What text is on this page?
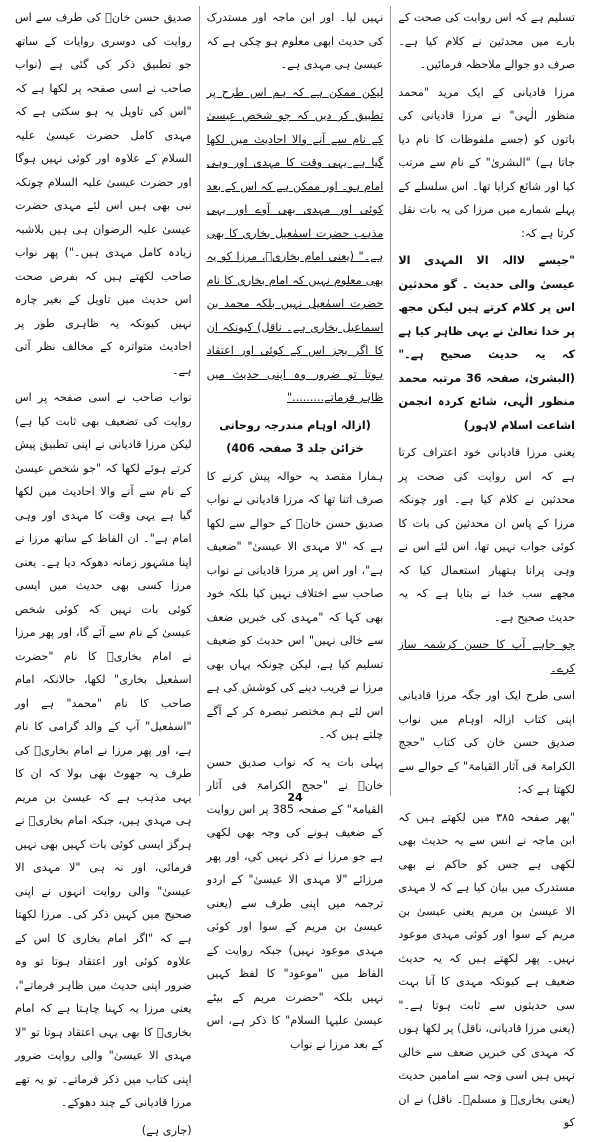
صدیق حسن خانؒ کی طرف سے اس روایت کی دوسری روایات کے ساتھ جو تطبیق ذکر کی گئی ہے (نواب صاحب نے اسی صفحہ پر لکھا ہے کہ "اس کی تاویل یہ ہو سکتی ہے کہ مہدی کامل حضرت عیسیٰ علیہ السلام کے علاوہ اور کوئی نہیں ہوگا اور حضرت عیسیٰ علیہ السلام چونکہ نبی بھی ہیں اس لئے مہدی حضرت عیسیٰ علیہ الرضوان ہی ہیں بلاشبہ زیادہ کامل مہدی ہیں۔") پھر نواب صاحب لکھتے ہیں کہ بفرض صحت اس حدیث میں تاویل کے بغیر چارہ نہیں کیونکہ یہ ظاہری طور پر احادیث متواترہ کے مخالف نظر آتی ہے۔

نواب صاحب نے اسی صفحہ پر اس روایت کی تضعیف بھی ثابت کیا ہے) لیکن مرزا قادیانی نے اپنی تطبیق پیش کرتے ہوئے لکھا کہ "جو شخص عیسیٰ کے نام سے آنے والا احادیث میں لکھا گیا ہے یہی وقت کا مہدی اور وہی امام ہے"۔ ان الفاظ کے ساتھ مرزا نے اپنا مشہور زمانہ دھوکہ دیا ہے۔ یعنی مرزا کسی بھی حدیث میں ایسی کوئی بات نہیں کہ کوئی شخص عیسیٰ کے نام سے آئے گا، اور پھر مرزا نے امام بخاریؒ کا نام "حضرت اسمٰعیل بخاری" لکھا، حالانکہ امام صاحب کا نام "محمد" ہے اور "اسمٰعیل" آپ کے والد گرامی کا نام ہے، اور پھر مرزا نے امام بخاریؒ کی طرف یہ جھوٹ بھی بولا کہ ان کا یہی مذہب ہے کہ عیسیٰ بن مریم ہی مہدی ہیں، جبکہ امام بخاریؒ نے ہرگز ایسی کوئی بات کہیں بھی نہیں فرمائی، اور نہ ہی "لا مہدی الا عیسیٰ" والی روایت انہوں نے اپنی صحیح میں کہیں ذکر کی۔ مرزا لکھتا ہے کہ "اگر امام بخاری کا اس کے علاوہ کوئی اور اعتقاد ہوتا تو وہ ضرور اپنی حدیث میں ظاہر فرماتے"، یعنی مرزا یہ کہنا چاہتا ہے کہ امام بخاریؒ کا بھی یہی اعتقاد ہوتا تو "لا مہدی الا عیسیٰ" والی روایت ضرور اپنی کتاب میں ذکر فرماتے۔ تو یہ تھے مرزا قادیانی کے چند دھوکے۔

(جاری ہے)

نہیں لیا۔ اور ابن ماجہ اور مستدرک کی حدیث ابھی معلوم ہو چکی ہے کہ عیسیٰ ہی مہدی ہے۔

لیکن ممکن ہے کہ ہم اس طرح پر تطبیق کر دیں کہ جو شخص عیسیٰ کے نام سے آنے والا احادیث میں لکھا گیا ہے یہی وقت کا مہدی اور وہی امام ہو۔ اور ممکن ہے کہ اس کے بعد کوئی اور مہدی بھی آوے اور یہی مذہب حضرت اسمٰعیل بخاری کا بھی ہے۔" (یعنی امام بخاریؒ، مرزا کو یہ بھی معلوم نہیں کہ امام بخاری کا نام حضرت اسمٰعیل نہیں بلکہ محمد بن اسماعیل بخاری ہے۔ ناقل) کیونکہ ان کا اگر بجز اس کے کوئی اور اعتقاد ہوتا تو ضرور وہ اپنی حدیث میں ظاہر فرماتے........."

(ازالہ اوہام مندرجہ روحانی خزائن جلد 3 صفحہ 406)

ہمارا مقصد یہ حوالہ پیش کرنے کا صرف اتنا تھا کہ مرزا قادیانی نے نواب صدیق حسن خانؒ کے حوالے سے لکھا ہے کہ "لا مہدی الا عیسیٰ" "ضعیف ہے"، اور اس پر مرزا قادیانی نے نواب صاحب سے اختلاف نہیں کیا بلکہ خود بھی کہا کہ "مہدی کی خبریں ضعف سے خالی نہیں" اس حدیث کو ضعیف تسلیم کیا ہے، لیکن چونکہ یہاں بھی مرزا نے فریب دینے کی کوشش کی ہے اس لئے ہم مختصر تبصرہ کر کے آگے چلتے ہیں کہ۔

پہلی بات یہ کہ نواب صدیق حسن خانؒ نے "حجج الکرامۃ فی آثار القیامۃ" کے صفحہ 385 پر اس روایت کے ضعیف ہونے کی وجہ بھی لکھی ہے جو مرزا نے ذکر نہیں کی، اور پھر مرزائے "لا مہدی الا عیسیٰ" کے اردو ترجمہ میں اپنی طرف سے (یعنی عیسیٰ بن مریم کے سوا اور کوئی مہدی موعود نہیں) جبکہ روایت کے الفاظ میں "موعود" کا لفظ کہیں نہیں بلکہ "حضرت مریم کے بیٹے عیسیٰ علیہا السلام" کا ذکر ہے، اس کے بعد مرزا نے نواب

تسلیم ہے کہ اس روایت کی صحت کے بارے میں محدثین نے کلام کیا ہے۔ صرف دو حوالے ملاحظہ فرمائیں۔

مرزا قادیانی کے ایک مرید "محمد منظور الٰہی" نے مرزا قادیانی کی باتوں کو (جسے ملفوظات کا نام دیا جاتا ہے) "البشریٰ" کے نام سے مرتب کیا اور شائع کرایا تھا۔ اس سلسلے کے پہلے شمارے میں مرزا کی یہ بات نقل کرتا ہے کہ:

"جیسے لاالہ الا المہدی الا عیسیٰ والی حدیث ۔ گو محدثین اس پر کلام کرتے ہیں لیکن مجھ پر خدا تعالیٰ نے یہی ظاہر کیا ہے کہ یہ حدیث صحیح ہے۔" (البشریٰ، صفحہ 36 مرتبہ محمد منظور الٰہی، شائع کردہ انجمن اشاعت اسلام لاہور)

یعنی مرزا قادیانی خود اعتراف کرتا ہے کہ اس روایت کی صحت پر محدثین نے کلام کیا ہے۔ اور چونکہ مرزا کے پاس ان محدثین کی بات کا کوئی جواب نہیں تھا، اس لئے اس نے وہی پرانا ہتھیار استعمال کیا کہ مجھے سب خدا نے بتایا ہے کہ یہ حدیث صحیح ہے۔

جو جاہے آپ کا حسن کرشمہ ساز کرے۔

اسی طرح ایک اور جگہ مرزا قادیانی اپنی کتاب ازالہ اوہام میں نواب صدیق حسن خان کی کتاب "حجج الکرامۃ فی آثار القیامۃ" کے حوالے سے لکھتا ہے کہ:

"پھر صفحہ ۳۸۵ میں لکھتے ہیں کہ ابن ماجہ نے انس سے یہ حدیث بھی لکھی ہے جس کو حاکم نے بھی مستدرک میں بیان کیا ہے کہ لا مہدی الا عیسیٰ بن مریم یعنی عیسیٰ بن مریم کے سوا اور کوئی مہدی موعود نہیں۔ پھر لکھتے ہیں کہ یہ حدیث ضعیف ہے کیونکہ مہدی کا آنا بہت سی حدیثوں سے ثابت ہوتا ہے۔" (یعنی مرزا قادیانی، ناقل) پر لکھا ہوں کہ مہدی کی خبریں ضعف سے خالی نہیں ہیں اسی وجہ سے امامین حدیث (یعنی بخاریؒ و مسلمؒ۔ ناقل) نے ان کو

24
